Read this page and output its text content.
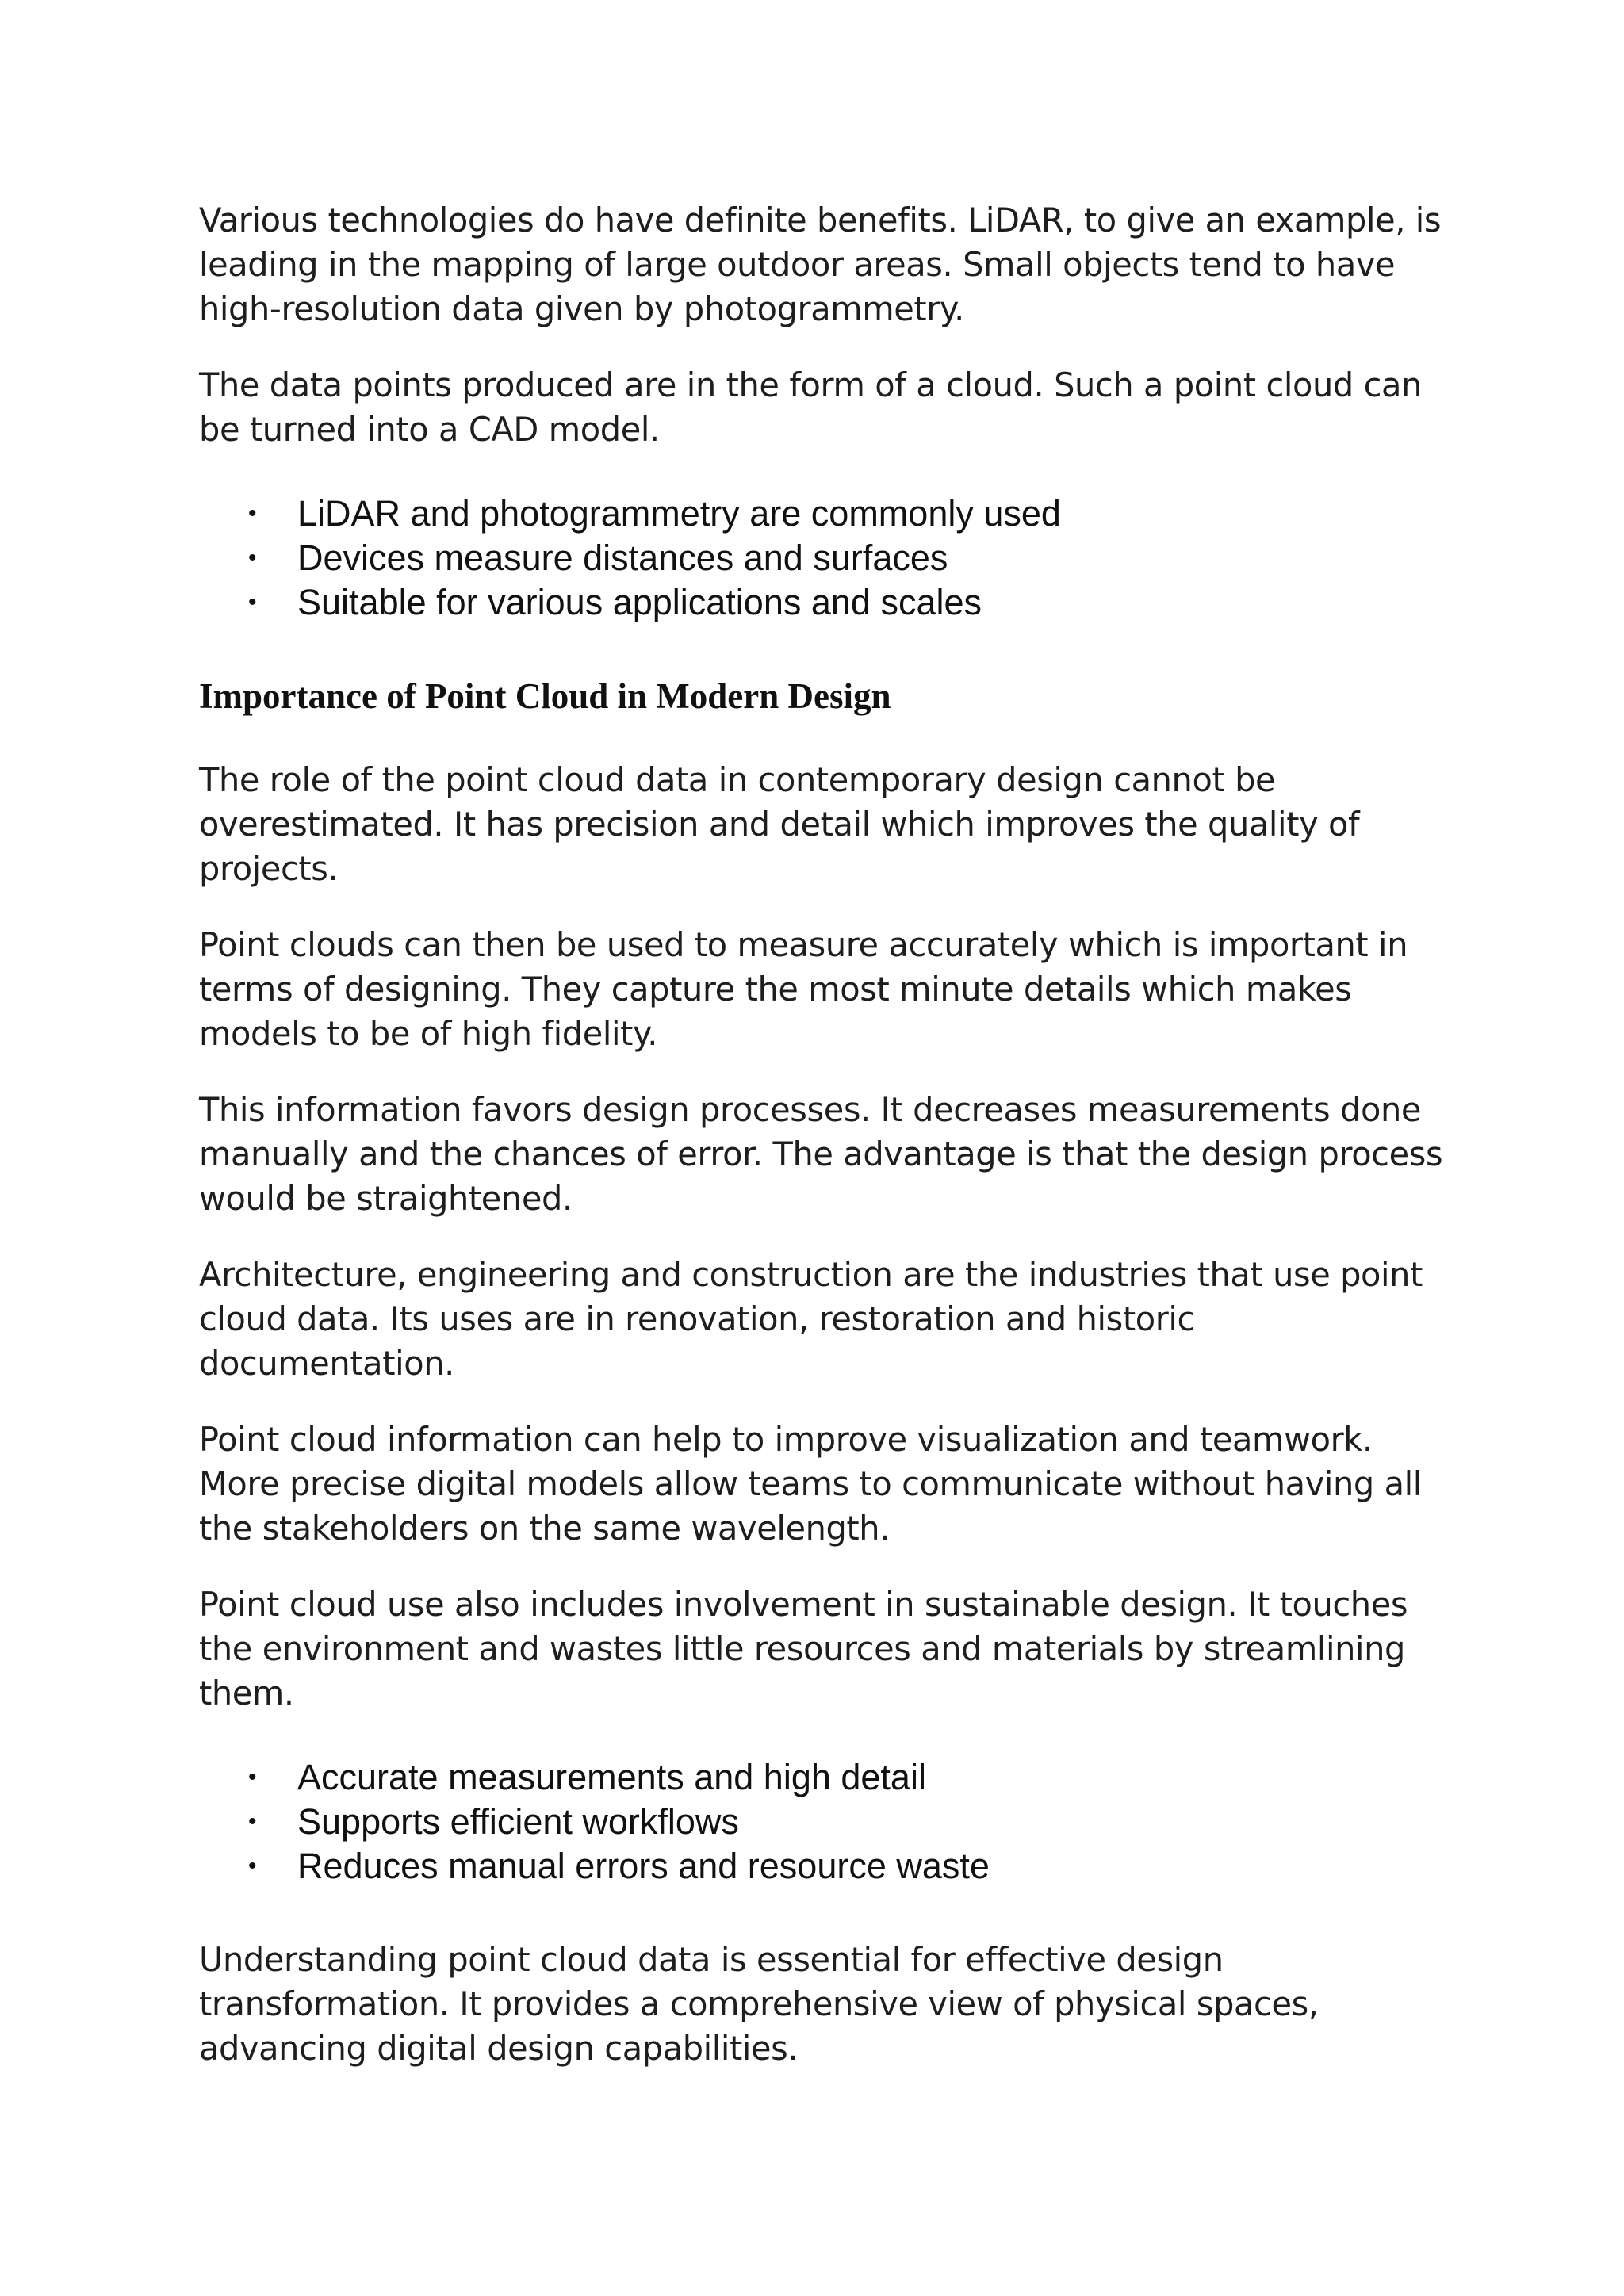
Various technologies do have definite benefits. LiDAR, to give an example, is leading in the mapping of large outdoor areas. Small objects tend to have high-resolution data given by photogrammetry.

The data points produced are in the form of a cloud. Such a point cloud can be turned into a CAD model.

• LiDAR and photogrammetry are commonly used
• Devices measure distances and surfaces
• Suitable for various applications and scales
Importance of Point Cloud in Modern Design

The role of the point cloud data in contemporary design cannot be overestimated. It has precision and detail which improves the quality of projects.

Point clouds can then be used to measure accurately which is important in terms of designing. They capture the most minute details which makes models to be of high fidelity.

This information favors design processes. It decreases measurements done manually and the chances of error. The advantage is that the design process would be straightened.

Architecture, engineering and construction are the industries that use point cloud data. Its uses are in renovation, restoration and historic documentation.

Point cloud information can help to improve visualization and teamwork. More precise digital models allow teams to communicate without having all the stakeholders on the same wavelength.

Point cloud use also includes involvement in sustainable design. It touches the environment and wastes little resources and materials by streamlining them.

• Accurate measurements and high detail
• Supports efficient workflows
• Reduces manual errors and resource waste

Understanding point cloud data is essential for effective design transformation. It provides a comprehensive view of physical spaces, advancing digital design capabilities.
